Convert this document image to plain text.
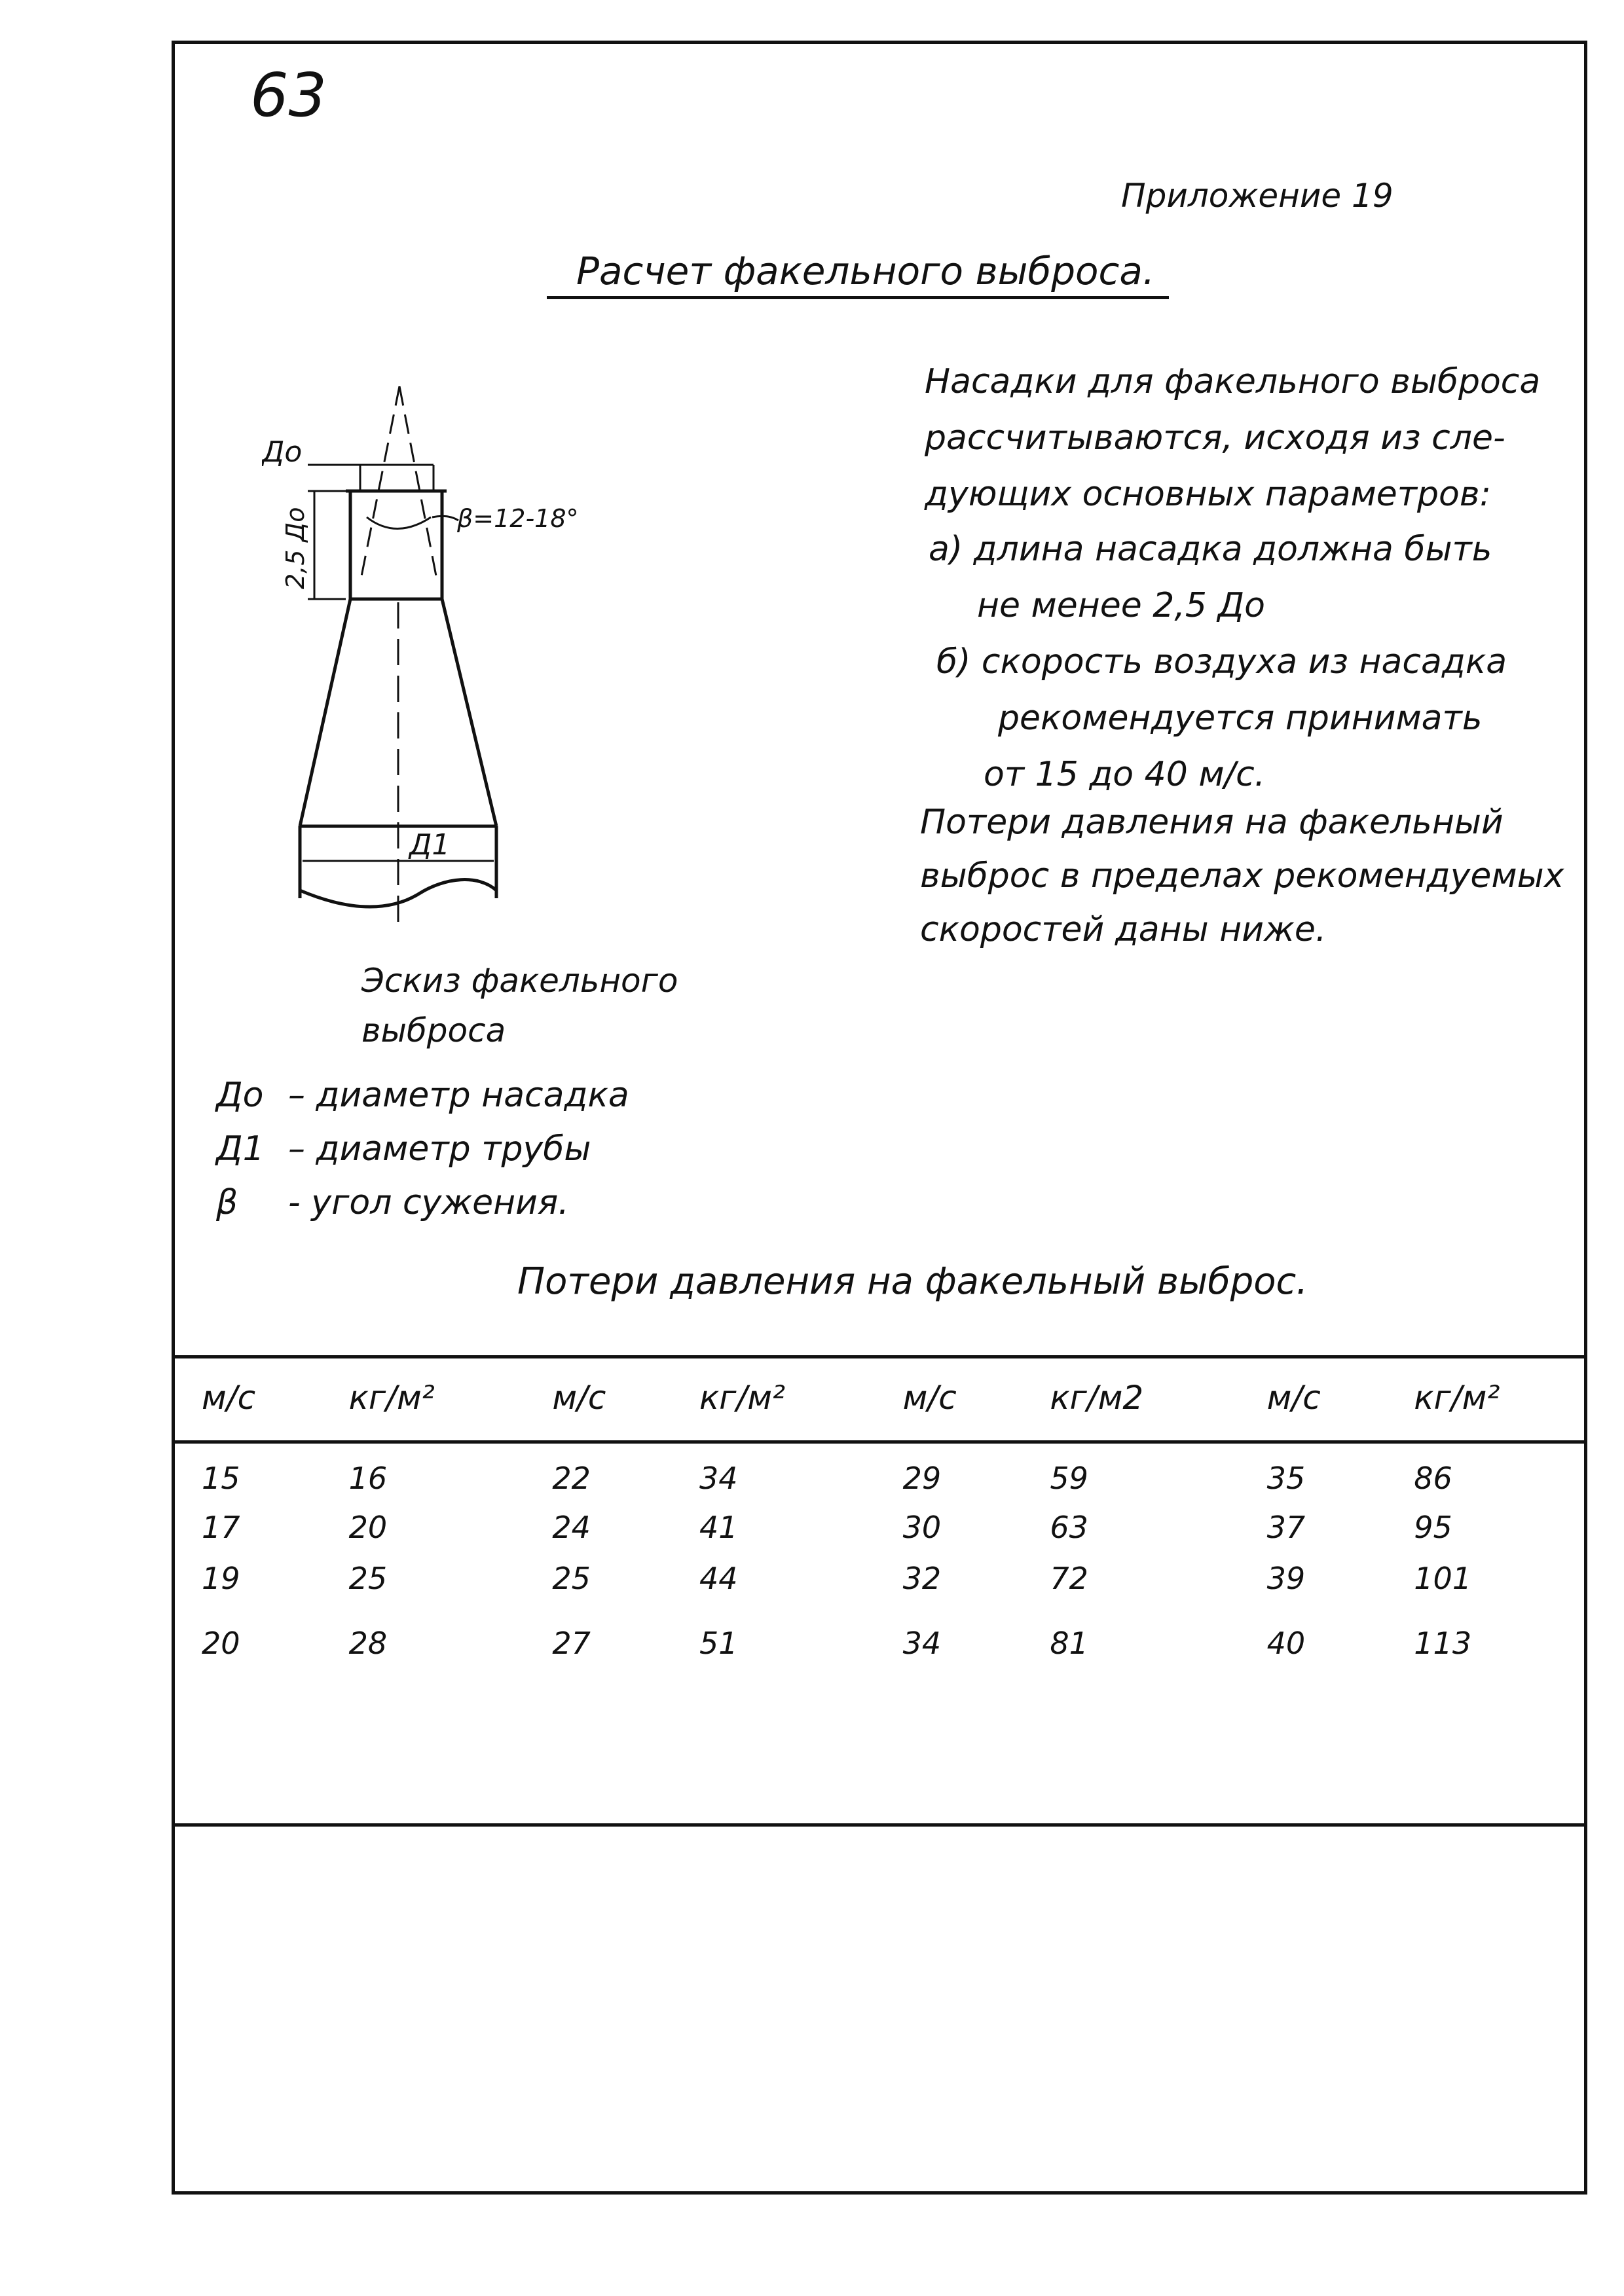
63
Приложение 19
Расчет факельного выброса.
Насадки для факельного выброса
рассчитываются, исходя из сле-
дующих основных параметров:
а) длина насадка должна быть
не менее 2,5 До
б) скорость воздуха из насадка
рекомендуется принимать
от 15 до 40 м/с.
Потери давления на факельный
выброс в пределах рекомендуемых
скоростей даны ниже.
До
β=12-18°
2,5 До
Д1
Эскиз факельного
выброса
До – диаметр насадка
Д1 – диаметр трубы
β - угол сужения.
Потери давления на факельный выброс.
м/с	кг/м²	м/с	кг/м²	м/с	кг/м2	м/с	кг/м²
15	16	22	34	29	59	35	86
17	20	24	41	30	63	37	95
19	25	25	44	32	72	39	101
20	28	27	51	34	81	40	113
